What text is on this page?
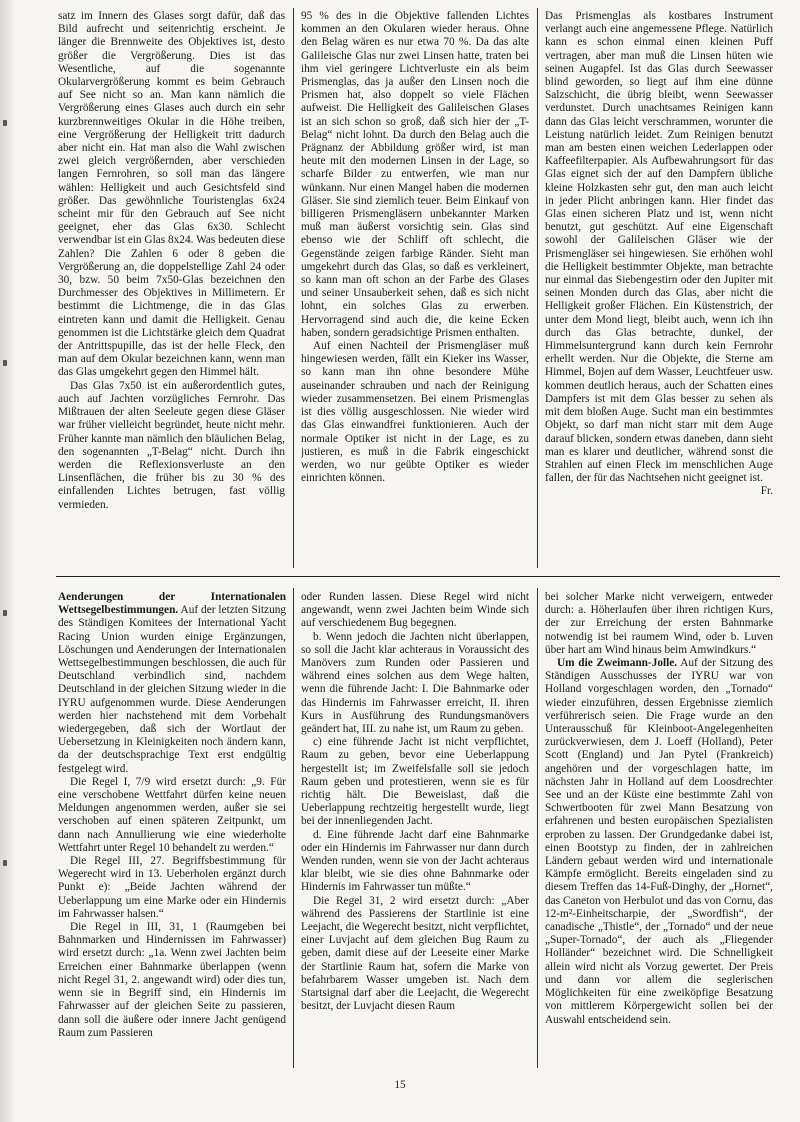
satz im Innern des Glases sorgt dafür, daß das Bild aufrecht und seitenrichtig erscheint. Je länger die Brennweite des Objektives ist, desto größer die Vergrößerung. Dies ist das Wesentliche, auf die sogenannte Okularvergrößerung kommt es beim Gebrauch auf See nicht so an. Man kann nämlich die Vergrößerung eines Glases auch durch ein sehr kurzbrennweitiges Okular in die Höhe treiben, eine Vergrößerung der Helligkeit tritt dadurch aber nicht ein. Hat man also die Wahl zwischen zwei gleich vergrößernden, aber verschieden langen Fernrohren, so soll man das längere wählen: Helligkeit und auch Gesichtsfeld sind größer. Das gewöhnliche Touristenglas 6x24 scheint mir für den Gebrauch auf See nicht geeignet, eher das Glas 6x30. Schlecht verwendbar ist ein Glas 8x24. Was bedeuten diese Zahlen? Die Zahlen 6 oder 8 geben die Vergrößerung an, die doppelstellige Zahl 24 oder 30, bzw. 50 beim 7x50-Glas bezeichnen den Durchmesser des Objektives in Millimetern. Er bestimmt die Lichtmenge, die in das Glas eintreten kann und damit die Helligkeit. Genau genommen ist die Lichtstärke gleich dem Quadrat der Antrittspupille, das ist der helle Fleck, den man auf dem Okular bezeichnen kann, wenn man das Glas umgekehrt gegen den Himmel hält.

Das Glas 7x50 ist ein außerordentlich gutes, auch auf Jachten vorzügliches Fernrohr. Das Mißtrauen der alten Seeleute gegen diese Gläser war früher vielleicht begründet, heute nicht mehr. Früher kannte man nämlich den bläulichen Belag, den sogenannten „T-Belag“ nicht. Durch ihn werden die Reflexionsverluste an den Linsenflächen, die früher bis zu 30 % des einfallenden Lichtes betrugen, fast völlig vermieden.

95 % des in die Objektive fallenden Lichtes kommen an den Okularen wieder heraus. Ohne den Belag wären es nur etwa 70 %. Da das alte Galileische Glas nur zwei Linsen hatte, traten bei ihm viel geringere Lichtverluste ein als beim Prismenglas, das ja außer den Linsen noch die Prismen hat, also doppelt so viele Flächen aufweist. Die Helligkeit des Galileischen Glases ist an sich schon so groß, daß sich hier der „T-Belag“ nicht lohnt. Da durch den Belag auch die Prägnanz der Abbildung größer wird, ist man heute mit den modernen Linsen in der Lage, so scharfe Bilder zu entwerfen, wie man nur wünkann. Nur einen Mangel haben die modernen Gläser. Sie sind ziemlich teuer. Beim Einkauf von billigeren Prismengläsern unbekannter Marken muß man äußerst vorsichtig sein. Glas sind ebenso wie der Schliff oft schlecht, die Gegenstände zeigen farbige Ränder. Sieht man umgekehrt durch das Glas, so daß es verkleinert, so kann man oft schon an der Farbe des Glases und seiner Unsauberkeit sehen, daß es sich nicht lohnt, ein solches Glas zu erwerben. Hervorragend sind auch die, die keine Ecken haben, sondern geradsichtige Prismen enthalten.

Auf einen Nachteil der Prismengläser muß hingewiesen werden, fällt ein Kieker ins Wasser, so kann man ihn ohne besondere Mühe auseinander schrauben und nach der Reinigung wieder zusammensetzen. Bei einem Prismenglas ist dies völlig ausgeschlossen. Nie wieder wird das Glas einwandfrei funktionieren. Auch der normale Optiker ist nicht in der Lage, es zu justieren, es muß in die Fabrik eingeschickt werden, wo nur geübte Optiker es wieder einrichten können.

Das Prismenglas als kostbares Instrument verlangt auch eine angemessene Pflege. Natürlich kann es schon einmal einen kleinen Puff vertragen, aber man muß die Linsen hüten wie seinen Augapfel. Ist das Glas durch Seewasser blind geworden, so liegt auf ihm eine dünne Salzschicht, die übrig bleibt, wenn Seewasser verdunstet. Durch unachtsames Reinigen kann dann das Glas leicht verschrammen, worunter die Leistung natürlich leidet. Zum Reinigen benutzt man am besten einen weichen Lederlappen oder Kaffeefilterpapier. Als Aufbewahrungsort für das Glas eignet sich der auf den Dampfern übliche kleine Holzkasten sehr gut, den man auch leicht in jeder Plicht anbringen kann. Hier findet das Glas einen sicheren Platz und ist, wenn nicht benutzt, gut geschützt. Auf eine Eigenschaft sowohl der Galileischen Gläser wie der Prismengläser sei hingewiesen. Sie erhöhen wohl die Helligkeit bestimmter Objekte, man betrachte nur einmal das Siebengestirn oder den Jupiter mit seinen Monden durch das Glas, aber nicht die Helligkeit großer Flächen. Ein Küstenstrich, der unter dem Mond liegt, bleibt auch, wenn ich ihn durch das Glas betrachte, dunkel, der Himmelsuntergrund kann durch kein Fernrohr erhellt werden. Nur die Objekte, die Sterne am Himmel, Bojen auf dem Wasser, Leuchtfeuer usw. kommen deutlich heraus, auch der Schatten eines Dampfers ist mit dem Glas besser zu sehen als mit dem bloßen Auge. Sucht man ein bestimmtes Objekt, so darf man nicht starr mit dem Auge darauf blicken, sondern etwas daneben, dann sieht man es klarer und deutlicher, während sonst die Strahlen auf einen Fleck im menschlichen Auge fallen, der für das Nachtsehen nicht geeignet ist.

Fr.

Aenderungen der Internationalen Wettsegelbestimmungen. Auf der letzten Sitzung des Ständigen Komitees der International Yacht Racing Union wurden einige Ergänzungen, Löschungen und Aenderungen der Internationalen Wettsegelbestimmungen beschlossen, die auch für Deutschland verbindlich sind, nachdem Deutschland in der gleichen Sitzung wieder in die IYRU aufgenommen wurde. Diese Aenderungen werden hier nachstehend mit dem Vorbehalt wiedergegeben, daß sich der Wortlaut der Uebersetzung in Kleinigkeiten noch ändern kann, da der deutschsprachige Text erst endgültig festgelegt wird.

Die Regel I, 7/9 wird ersetzt durch: „9. Für eine verschobene Wettfahrt dürfen keine neuen Meldungen angenommen werden, außer sie sei verschoben auf einen späteren Zeitpunkt, um dann nach Annullierung wie eine wiederholte Wettfahrt unter Regel 10 behandelt zu werden.“

Die Regel III, 27. Begriffsbestimmung für Wegerecht wird in 13. Ueberholen ergänzt durch Punkt e): „Beide Jachten während der Ueberlappung um eine Marke oder ein Hindernis im Fahrwasser halsen.“

Die Regel in III, 31, 1 (Raumgeben bei Bahnmarken und Hindernissen im Fahrwasser) wird ersetzt durch: „1a. Wenn zwei Jachten beim Erreichen einer Bahnmarke überlappen (wenn nicht Regel 31, 2. angewandt wird) oder dies tun, wenn sie in Begriff sind, ein Hindernis im Fahrwasser auf der gleichen Seite zu passieren, dann soll die äußere oder innere Jacht genügend Raum zum Passieren

oder Runden lassen. Diese Regel wird nicht angewandt, wenn zwei Jachten beim Winde sich auf verschiedenem Bug begegnen.

b. Wenn jedoch die Jachten nicht überlappen, so soll die Jacht klar achteraus in Voraussicht des Manövers zum Runden oder Passieren und während eines solchen aus dem Wege halten, wenn die führende Jacht: I. Die Bahnmarke oder das Hindernis im Fahrwasser erreicht, II. ihren Kurs in Ausführung des Rundungsmanövers geändert hat, III. zu nahe ist, um Raum zu geben.

c) eine führende Jacht ist nicht verpflichtet, Raum zu geben, bevor eine Ueberlappung hergestellt ist; im Zweifelsfalle soll sie jedoch Raum geben und protestieren, wenn sie es für richtig hält. Die Beweislast, daß die Ueberlappung rechtzeitig hergestellt wurde, liegt bei der innenliegenden Jacht.

d. Eine führende Jacht darf eine Bahnmarke oder ein Hindernis im Fahrwasser nur dann durch Wenden runden, wenn sie von der Jacht achteraus klar bleibt, wie sie dies ohne Bahnmarke oder Hindernis im Fahrwasser tun müßte.“

Die Regel 31, 2 wird ersetzt durch: „Aber während des Passierens der Startlinie ist eine Leejacht, die Wegerecht besitzt, nicht verpflichtet, einer Luvjacht auf dem gleichen Bug Raum zu geben, damit diese auf der Leeseite einer Marke der Startlinie Raum hat, sofern die Marke von befahrbarem Wasser umgeben ist. Nach dem Startsignal darf aber die Leejacht, die Wegerecht besitzt, der Luvjacht diesen Raum

bei solcher Marke nicht verweigern, entweder durch: a. Höherlaufen über ihren richtigen Kurs, der zur Erreichung der ersten Bahnmarke notwendig ist bei raumem Wind, oder b. Luven über hart am Wind hinaus beim Amwindkurs.“

Um die Zweimann-Jolle. Auf der Sitzung des Ständigen Ausschusses der IYRU war von Holland vorgeschlagen worden, den „Tornado“ wieder einzuführen, dessen Ergebnisse ziemlich verführerisch seien. Die Frage wurde an den Unterausschuß für Kleinboot-Angelegenheiten zurückverwiesen, dem J. Loeff (Holland), Peter Scott (England) und Jan Pytel (Frankreich) angehören und der vorgeschlagen hatte, im nächsten Jahr in Holland auf dem Loosdrechter See und an der Küste eine bestimmte Zahl von Schwertbooten für zwei Mann Besatzung von erfahrenen und besten europäischen Spezialisten erproben zu lassen. Der Grundgedanke dabei ist, einen Bootstyp zu finden, der in zahlreichen Ländern gebaut werden wird und internationale Kämpfe ermöglicht. Bereits eingeladen sind zu diesem Treffen das 14-Fuß-Dinghy, der „Hornet“, das Caneton von Herbulot und das von Cornu, das 12-m²-Einheitscharpie, der „Swordfish“, der canadische „Thistle“, der „Tornado“ und der neue „Super-Tornado“, der auch als „Fliegender Holländer“ bezeichnet wird. Die Schnelligkeit allein wird nicht als Vorzug gewertet. Der Preis und dann vor allem die seglerischen Möglichkeiten für eine zweiköpfige Besatzung von mittlerem Körpergewicht sollen bei der Auswahl entscheidend sein.

15
